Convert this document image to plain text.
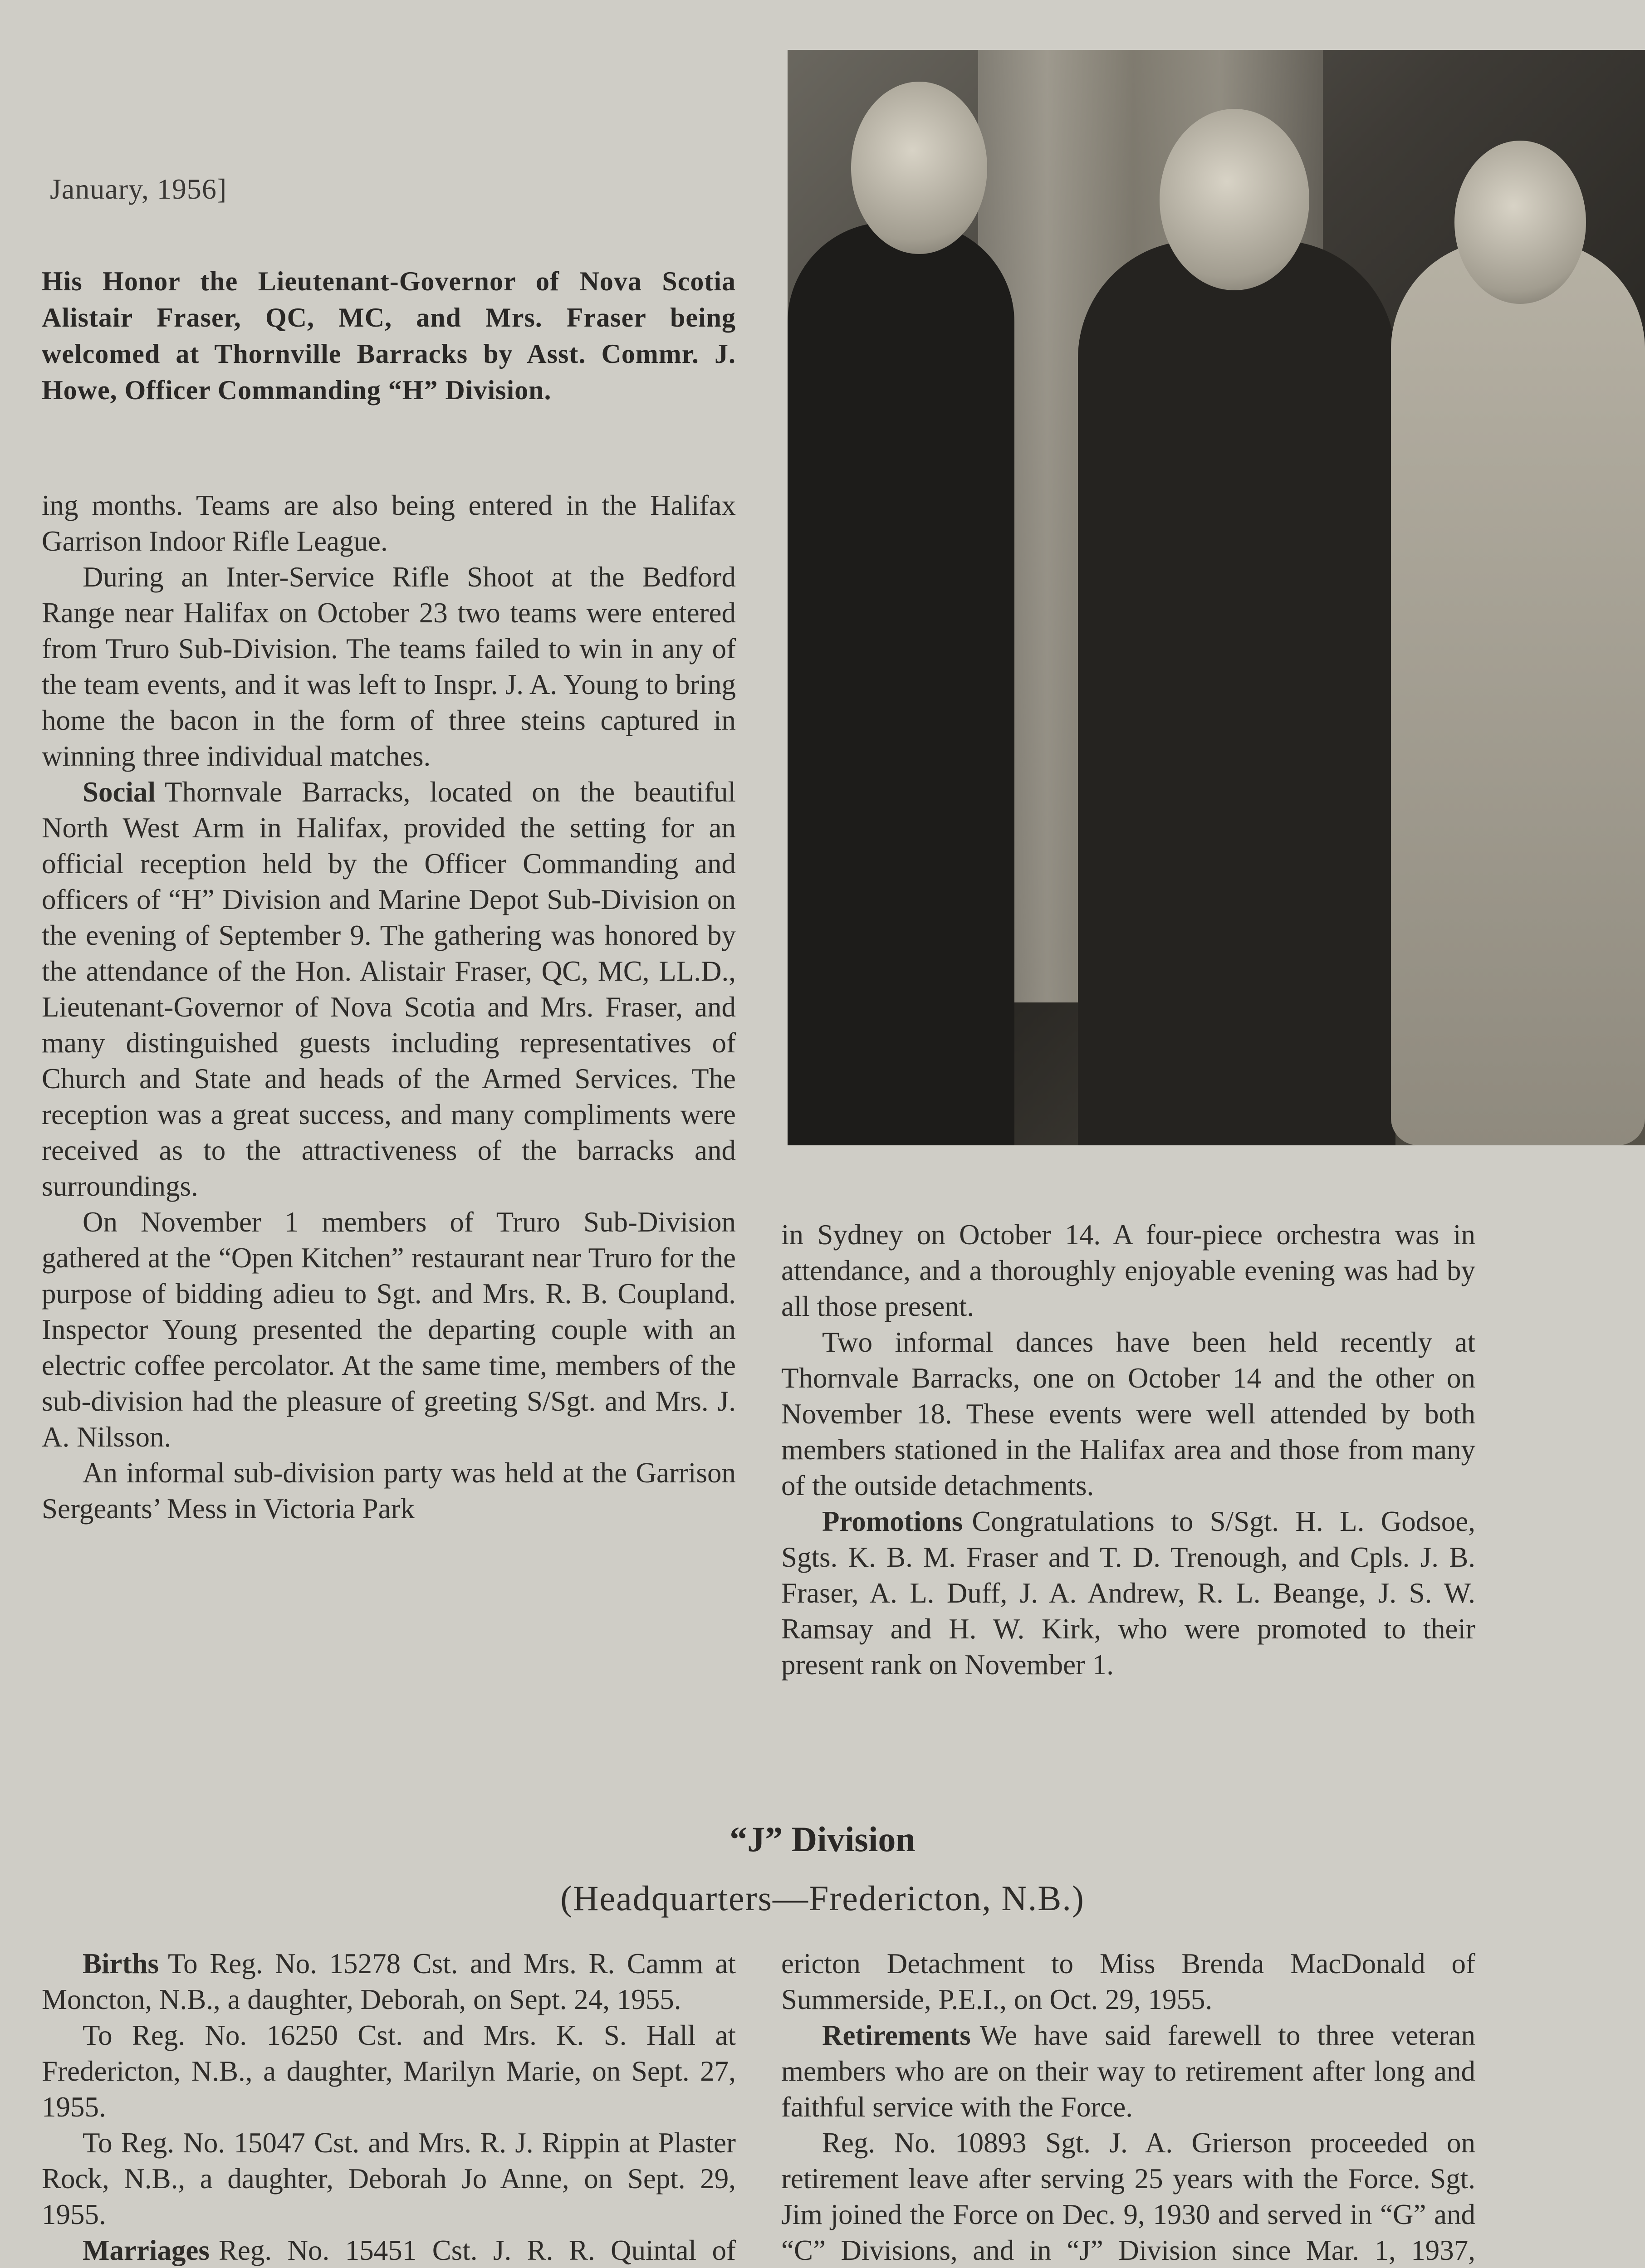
January, 1956]
His Honor the Lieutenant-Governor of Nova Scotia Alistair Fraser, QC, MC, and Mrs. Fraser being welcomed at Thornville Barracks by Asst. Commr. J. Howe, Officer Commanding “H” Division.

ing months. Teams are also being entered in the Halifax Garrison Indoor Rifle League.

During an Inter-Service Rifle Shoot at the Bedford Range near Halifax on October 23 two teams were entered from Truro Sub-Division. The teams failed to win in any of the team events, and it was left to Inspr. J. A. Young to bring home the bacon in the form of three steins captured in winning three individual matches.

Social Thornvale Barracks, located on the beautiful North West Arm in Halifax, provided the setting for an official reception held by the Officer Commanding and officers of “H” Division and Marine Depot Sub-Division on the evening of September 9. The gathering was honored by the attendance of the Hon. Alistair Fraser, QC, MC, LL.D., Lieutenant-Governor of Nova Scotia and Mrs. Fraser, and many distinguished guests including representatives of Church and State and heads of the Armed Services. The reception was a great success, and many compliments were received as to the attractiveness of the barracks and surroundings.

On November 1 members of Truro Sub-Division gathered at the “Open Kitchen” restaurant near Truro for the purpose of bidding adieu to Sgt. and Mrs. R. B. Coupland. Inspector Young presented the departing couple with an electric coffee percolator. At the same time, members of the sub-division had the pleasure of greeting S/Sgt. and Mrs. J. A. Nilsson.

An informal sub-division party was held at the Garrison Sergeants’ Mess in Victoria Park

in Sydney on October 14. A four-piece orchestra was in attendance, and a thoroughly enjoyable evening was had by all those present.

Two informal dances have been held recently at Thornvale Barracks, one on October 14 and the other on November 18. These events were well attended by both members stationed in the Halifax area and those from many of the outside detachments.

Promotions Congratulations to S/Sgt. H. L. Godsoe, Sgts. K. B. M. Fraser and T. D. Trenough, and Cpls. J. B. Fraser, A. L. Duff, J. A. Andrew, R. L. Beange, J. S. W. Ramsay and H. W. Kirk, who were promoted to their present rank on November 1.

“J” Division
(Headquarters—Fredericton, N.B.)

Births To Reg. No. 15278 Cst. and Mrs. R. Camm at Moncton, N.B., a daughter, Deborah, on Sept. 24, 1955.

To Reg. No. 16250 Cst. and Mrs. K. S. Hall at Fredericton, N.B., a daughter, Marilyn Marie, on Sept. 27, 1955.

To Reg. No. 15047 Cst. and Mrs. R. J. Rippin at Plaster Rock, N.B., a daughter, Deborah Jo Anne, on Sept. 29, 1955.

Marriages Reg. No. 15451 Cst. J. R. R. Quintal of

ericton Detachment to Miss Brenda MacDonald of Summerside, P.E.I., on Oct. 29, 1955.

Retirements We have said farewell to three veteran members who are on their way to retirement after long and faithful service with the Force.

Reg. No. 10893 Sgt. J. A. Grierson proceeded on retirement leave after serving 25 years with the Force. Sgt. Jim joined the Force on Dec. 9, 1930 and served in “G” and “C” Divisions, and in “J” Division since Mar. 1, 1937,
